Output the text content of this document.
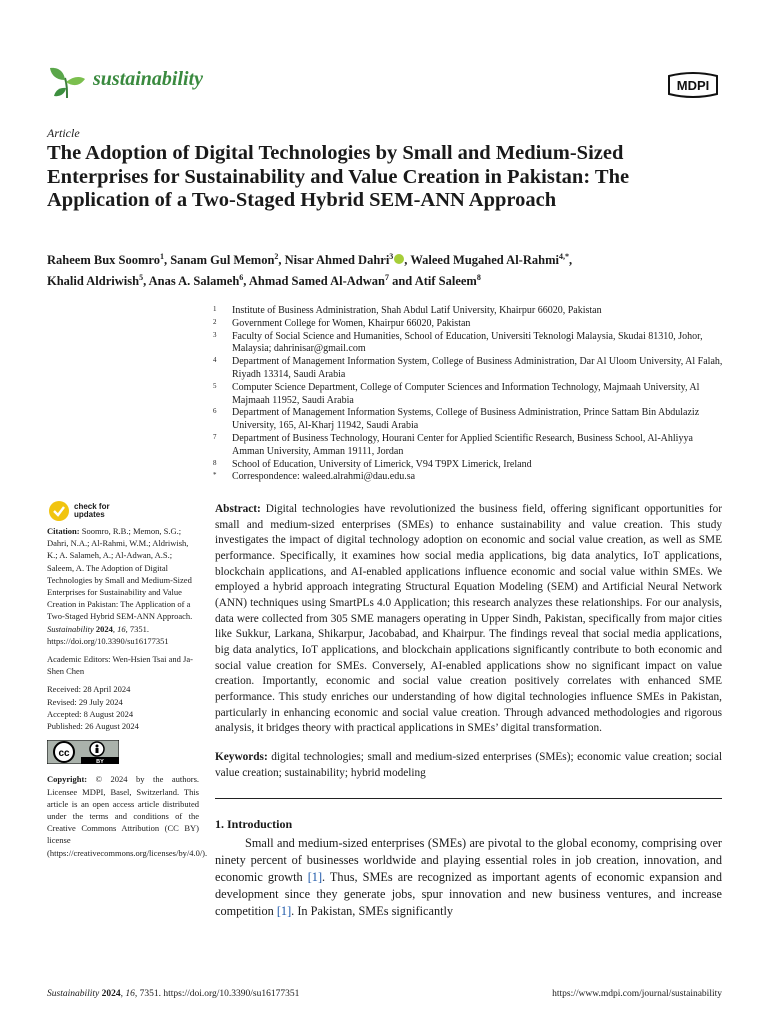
sustainability	MDPI
Article
The Adoption of Digital Technologies by Small and Medium-Sized Enterprises for Sustainability and Value Creation in Pakistan: The Application of a Two-Staged Hybrid SEM-ANN Approach
Raheem Bux Soomro$^1$, Sanam Gul Memon$^2$, Nisar Ahmed Dahri$^3$ , Waleed Mugahed Al-Rahmi$^{4,*}$,
Khalid Aldriwish$^5$, Anas A. Salameh$^6$, Ahmad Samed Al-Adwan$^7$ and Atif Saleem$^8$
1	Institute of Business Administration, Shah Abdul Latif University, Khairpur 66020, Pakistan
2	Government College for Women, Khairpur 66020, Pakistan
3	Faculty of Social Science and Humanities, School of Education, Universiti Teknologi Malaysia, Skudai 81310, Johor, Malaysia; dahrinisar@gmail.com
4	Department of Management Information System, College of Business Administration, Dar Al Uloom University, Al Falah, Riyadh 13314, Saudi Arabia
5	Computer Science Department, College of Computer Sciences and Information Technology, Majmaah University, Al Majmaah 11952, Saudi Arabia
6	Department of Management Information Systems, College of Business Administration, Prince Sattam Bin Abdulaziz University, 165, Al-Kharj 11942, Saudi Arabia
7	Department of Business Technology, Hourani Center for Applied Scientific Research, Business School, Al-Ahliyya Amman University, Amman 19111, Jordan
8	School of Education, University of Limerick, V94 T9PX Limerick, Ireland
*	Correspondence: waleed.alrahmi@dau.edu.sa
check for
updates
Citation: Soomro, R.B.; Memon, S.G.; Dahri, N.A.; Al-Rahmi, W.M.; Aldriwish, K.; A. Salameh, A.; Al-Adwan, A.S.; Saleem, A. The Adoption of Digital Technologies by Small and Medium-Sized Enterprises for Sustainability and Value Creation in Pakistan: The Application of a Two-Staged Hybrid SEM-ANN Approach. Sustainability 2024, 16, 7351. https://doi.org/10.3390/su16177351
Academic Editors: Wen-Hsien Tsai and Ja-Shen Chen
Received: 28 April 2024
Revised: 29 July 2024
Accepted: 8 August 2024
Published: 26 August 2024
cc
BY
Copyright: © 2024 by the authors. Licensee MDPI, Basel, Switzerland. This article is an open access article distributed under the terms and conditions of the Creative Commons Attribution (CC BY) license (https://creativecommons.org/licenses/by/4.0/).
Abstract: Digital technologies have revolutionized the business field, offering significant opportunities for small and medium-sized enterprises (SMEs) to enhance sustainability and value creation. This study investigates the impact of digital technology adoption on economic and social value creation, as well as SME performance. Specifically, it examines how social media applications, big data analytics, IoT applications, blockchain applications, and AI-enabled applications influence economic and social value within SMEs. We employed a hybrid approach integrating Structural Equation Modeling (SEM) and Artificial Neural Network (ANN) techniques using SmartPLs 4.0 Application; this research analyzes these relationships. For our analysis, data were collected from 305 SME managers operating in Upper Sindh, Pakistan, specifically from major cities like Sukkur, Larkana, Shikarpur, Jacobabad, and Khairpur. The findings reveal that social media applications, big data analytics, IoT applications, and blockchain applications significantly contribute to both economic and social value creation for SMEs. Conversely, AI-enabled applications show no significant impact on value creation. Importantly, economic and social value creation positively correlates with enhanced SME performance. This study enriches our understanding of how digital technologies influence SMEs in Pakistan, particularly in enhancing economic and social value creation. Through advanced methodologies and rigorous analysis, it bridges theory with practical applications in SMEs’ digital transformation.
Keywords: digital technologies; small and medium-sized enterprises (SMEs); economic value creation; social value creation; sustainability; hybrid modeling
1. Introduction
Small and medium-sized enterprises (SMEs) are pivotal to the global economy, comprising over ninety percent of businesses worldwide and playing essential roles in job creation, innovation, and economic growth [1]. Thus, SMEs are recognized as important agents of economic expansion and development since they generate jobs, spur innovation and new business ventures, and increase competition [1]. In Pakistan, SMEs significantly
Sustainability 2024, 16, 7351. https://doi.org/10.3390/su16177351	https://www.mdpi.com/journal/sustainability
